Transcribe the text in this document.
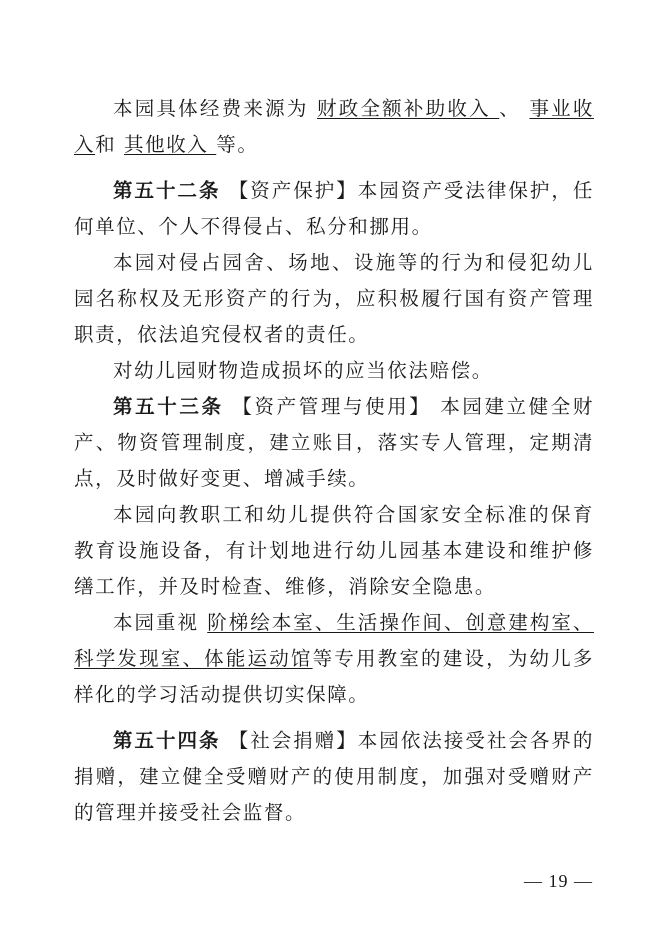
本园具体经费来源为 财政全额补助收入 、 事业收入和 其他收入 等。

第五十二条 【资产保护】本园资产受法律保护，任何单位、个人不得侵占、私分和挪用。

本园对侵占园舍、场地、设施等的行为和侵犯幼儿园名称权及无形资产的行为，应积极履行国有资产管理职责，依法追究侵权者的责任。

对幼儿园财物造成损坏的应当依法赔偿。

第五十三条 【资产管理与使用】 本园建立健全财产、物资管理制度，建立账目，落实专人管理，定期清点，及时做好变更、增减手续。

本园向教职工和幼儿提供符合国家安全标准的保育教育设施设备，有计划地进行幼儿园基本建设和维护修缮工作，并及时检查、维修，消除安全隐患。

本园重视 阶梯绘本室、生活操作间、创意建构室、科学发现室、体能运动馆等专用教室的建设，为幼儿多样化的学习活动提供切实保障。

第五十四条 【社会捐赠】本园依法接受社会各界的捐赠，建立健全受赠财产的使用制度，加强对受赠财产的管理并接受社会监督。

— 19 —
